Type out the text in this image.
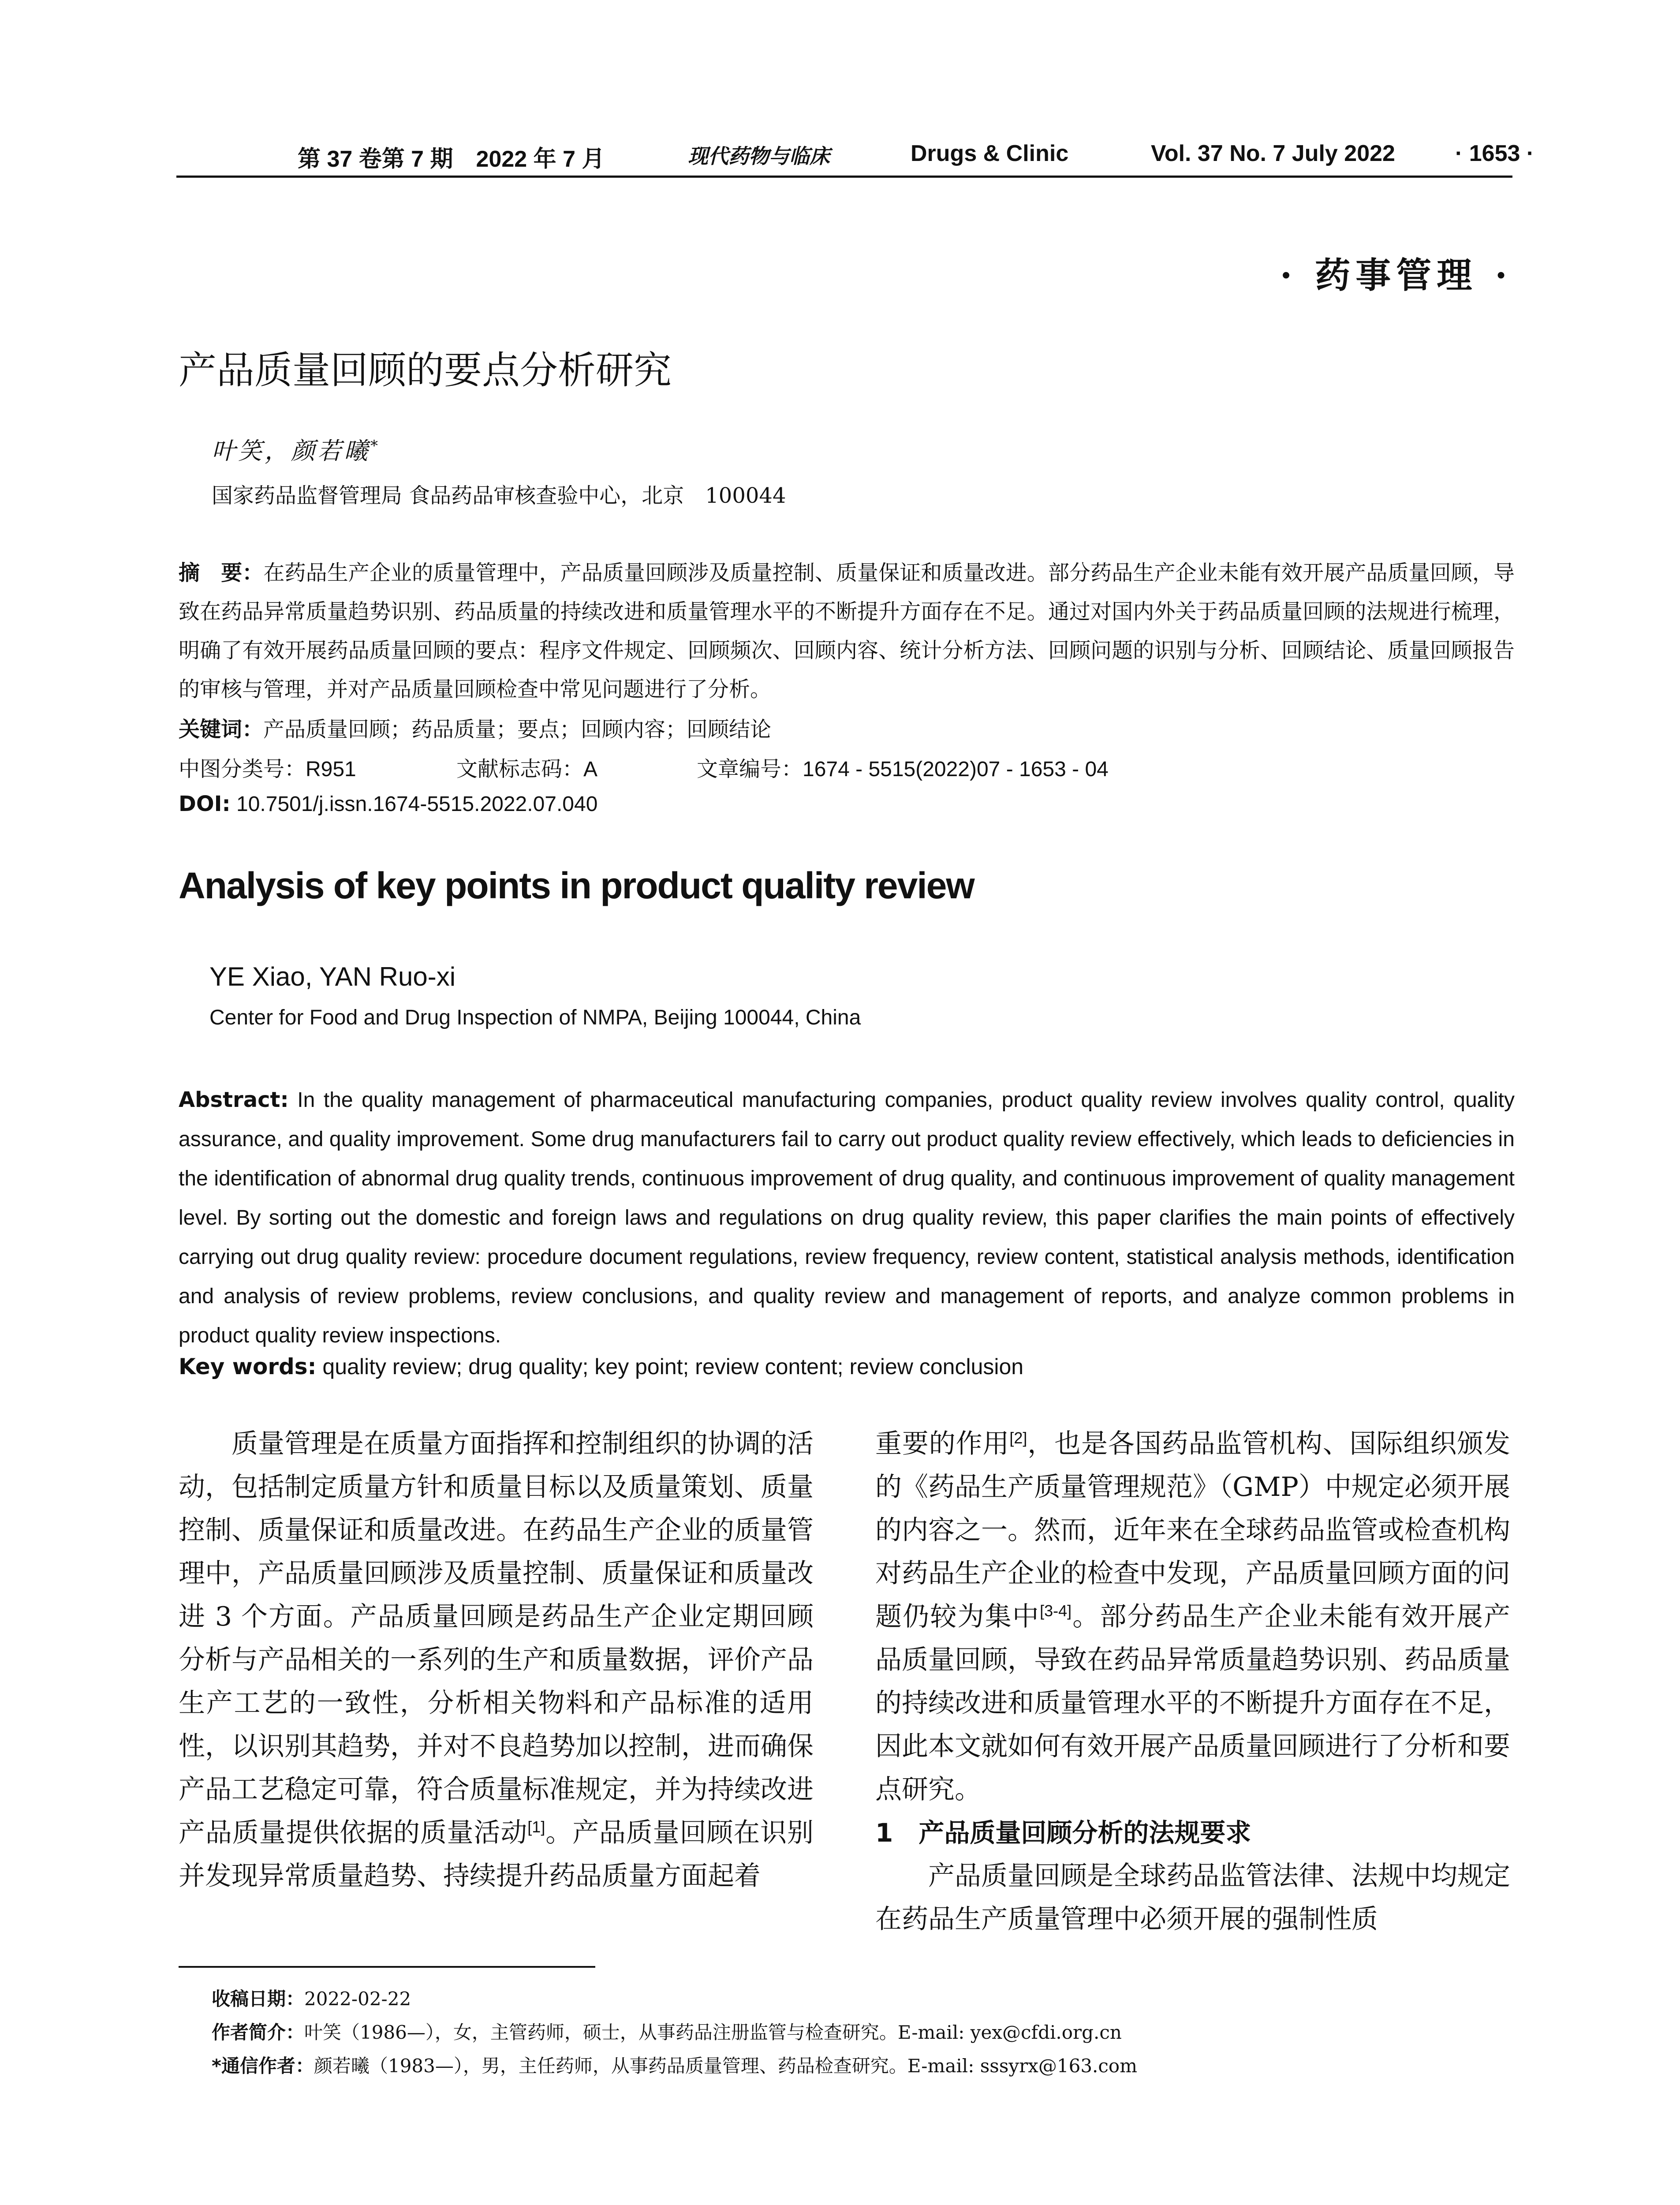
第 37 卷第 7 期　2022 年 7 月	现代药物与临床	Drugs & Clinic	Vol. 37 No. 7 July 2022	· 1653 ·
· 药事管理 ·
产品质量回顾的要点分析研究
叶笑，颜若曦*
国家药品监督管理局 食品药品审核查验中心，北京　100044
摘　要：在药品生产企业的质量管理中，产品质量回顾涉及质量控制、质量保证和质量改进。部分药品生产企业未能有效开展产品质量回顾，导致在药品异常质量趋势识别、药品质量的持续改进和质量管理水平的不断提升方面存在不足。通过对国内外关于药品质量回顾的法规进行梳理，明确了有效开展药品质量回顾的要点：程序文件规定、回顾频次、回顾内容、统计分析方法、回顾问题的识别与分析、回顾结论、质量回顾报告的审核与管理，并对产品质量回顾检查中常见问题进行了分析。
关键词：产品质量回顾；药品质量；要点；回顾内容；回顾结论
中图分类号：R951	文献标志码：A	文章编号：1674 - 5515(2022)07 - 1653 - 04
DOI: 10.7501/j.issn.1674-5515.2022.07.040
Analysis of key points in product quality review
YE Xiao, YAN Ruo-xi
Center for Food and Drug Inspection of NMPA, Beijing 100044, China
Abstract: In the quality management of pharmaceutical manufacturing companies, product quality review involves quality control, quality assurance, and quality improvement. Some drug manufacturers fail to carry out product quality review effectively, which leads to deficiencies in the identification of abnormal drug quality trends, continuous improvement of drug quality, and continuous improvement of quality management level. By sorting out the domestic and foreign laws and regulations on drug quality review, this paper clarifies the main points of effectively carrying out drug quality review: procedure document regulations, review frequency, review content, statistical analysis methods, identification and analysis of review problems, review conclusions, and quality review and management of reports, and analyze common problems in product quality review inspections.
Key words: quality review; drug quality; key point; review content; review conclusion

质量管理是在质量方面指挥和控制组织的协调的活动，包括制定质量方针和质量目标以及质量策划、质量控制、质量保证和质量改进。在药品生产企业的质量管理中，产品质量回顾涉及质量控制、质量保证和质量改进 3 个方面。产品质量回顾是药品生产企业定期回顾分析与产品相关的一系列的生产和质量数据，评价产品生产工艺的一致性，分析相关物料和产品标准的适用性，以识别其趋势，并对不良趋势加以控制，进而确保产品工艺稳定可靠，符合质量标准规定，并为持续改进产品质量提供依据的质量活动[1]。产品质量回顾在识别并发现异常质量趋势、持续提升药品质量方面起着

重要的作用[2]，也是各国药品监管机构、国际组织颁发的《药品生产质量管理规范》（GMP）中规定必须开展的内容之一。然而，近年来在全球药品监管或检查机构对药品生产企业的检查中发现，产品质量回顾方面的问题仍较为集中[3-4]。部分药品生产企业未能有效开展产品质量回顾，导致在药品异常质量趋势识别、药品质量的持续改进和质量管理水平的不断提升方面存在不足，因此本文就如何有效开展产品质量回顾进行了分析和要点研究。

1　产品质量回顾分析的法规要求

产品质量回顾是全球药品监管法律、法规中均规定在药品生产质量管理中必须开展的强制性质

收稿日期：2022-02-22
作者简介：叶笑（1986—），女，主管药师，硕士，从事药品注册监管与检查研究。E-mail: yex@cfdi.org.cn
*通信作者：颜若曦（1983—），男，主任药师，从事药品质量管理、药品检查研究。E-mail: sssyrx@163.com
